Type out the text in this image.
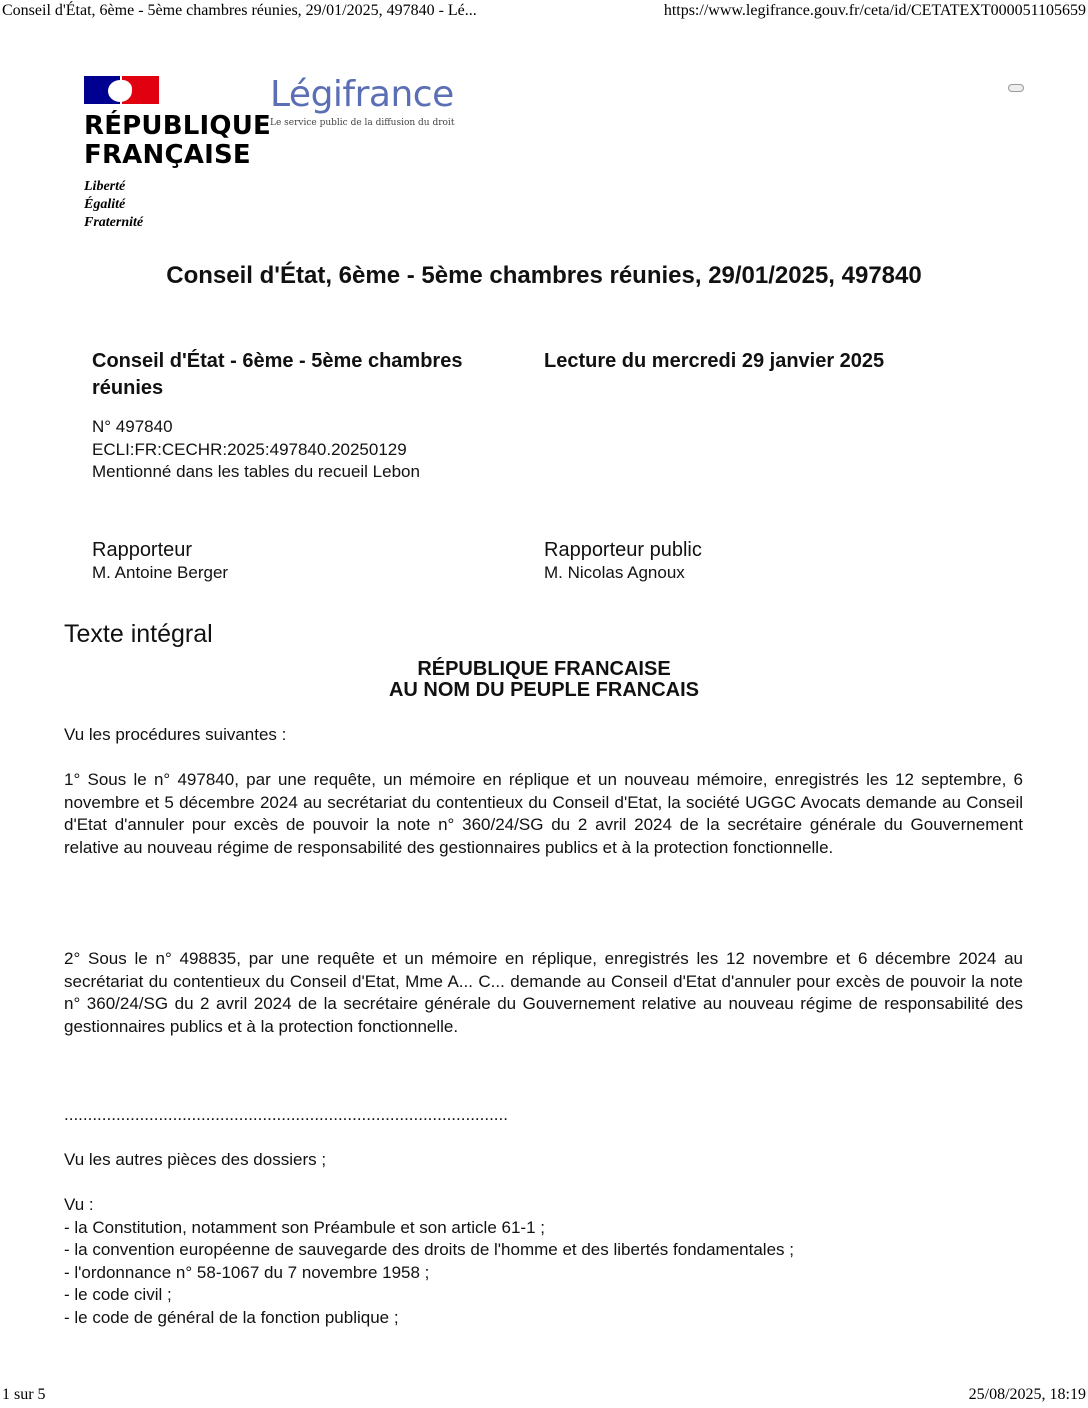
Conseil d'État, 6ème - 5ème chambres réunies, 29/01/2025, 497840 - Lé...	https://www.legifrance.gouv.fr/ceta/id/CETATEXT000051105659
RÉPUBLIQUE
FRANÇAISE
Liberté
Égalité
Fraternité
Légifrance
Le service public de la diffusion du droit
Conseil d'État, 6ème - 5ème chambres réunies, 29/01/2025, 497840
Conseil d'État - 6ème - 5ème chambres réunies
N° 497840
ECLI:FR:CECHR:2025:497840.20250129
Mentionné dans les tables du recueil Lebon
Lecture du mercredi 29 janvier 2025
Rapporteur
M. Antoine Berger
Rapporteur public
M. Nicolas Agnoux
Texte intégral
RÉPUBLIQUE FRANCAISE
AU NOM DU PEUPLE FRANCAIS
Vu les procédures suivantes :
1° Sous le n° 497840, par une requête, un mémoire en réplique et un nouveau mémoire, enregistrés les 12 septembre, 6 novembre et 5 décembre 2024 au secrétariat du contentieux du Conseil d'Etat, la société UGGC Avocats demande au Conseil d'Etat d'annuler pour excès de pouvoir la note n° 360/24/SG du 2 avril 2024 de la secrétaire générale du Gouvernement relative au nouveau régime de responsabilité des gestionnaires publics et à la protection fonctionnelle.
2° Sous le n° 498835, par une requête et un mémoire en réplique, enregistrés les 12 novembre et 6 décembre 2024 au secrétariat du contentieux du Conseil d'Etat, Mme A... C... demande au Conseil d'Etat d'annuler pour excès de pouvoir la note n° 360/24/SG du 2 avril 2024 de la secrétaire générale du Gouvernement relative au nouveau régime de responsabilité des gestionnaires publics et à la protection fonctionnelle.
..............................................................................................
Vu les autres pièces des dossiers ;
Vu :
- la Constitution, notamment son Préambule et son article 61-1 ;
- la convention européenne de sauvegarde des droits de l'homme et des libertés fondamentales ;
- l'ordonnance n° 58-1067 du 7 novembre 1958 ;
- le code civil ;
- le code de général de la fonction publique ;
1 sur 5	25/08/2025, 18:19
